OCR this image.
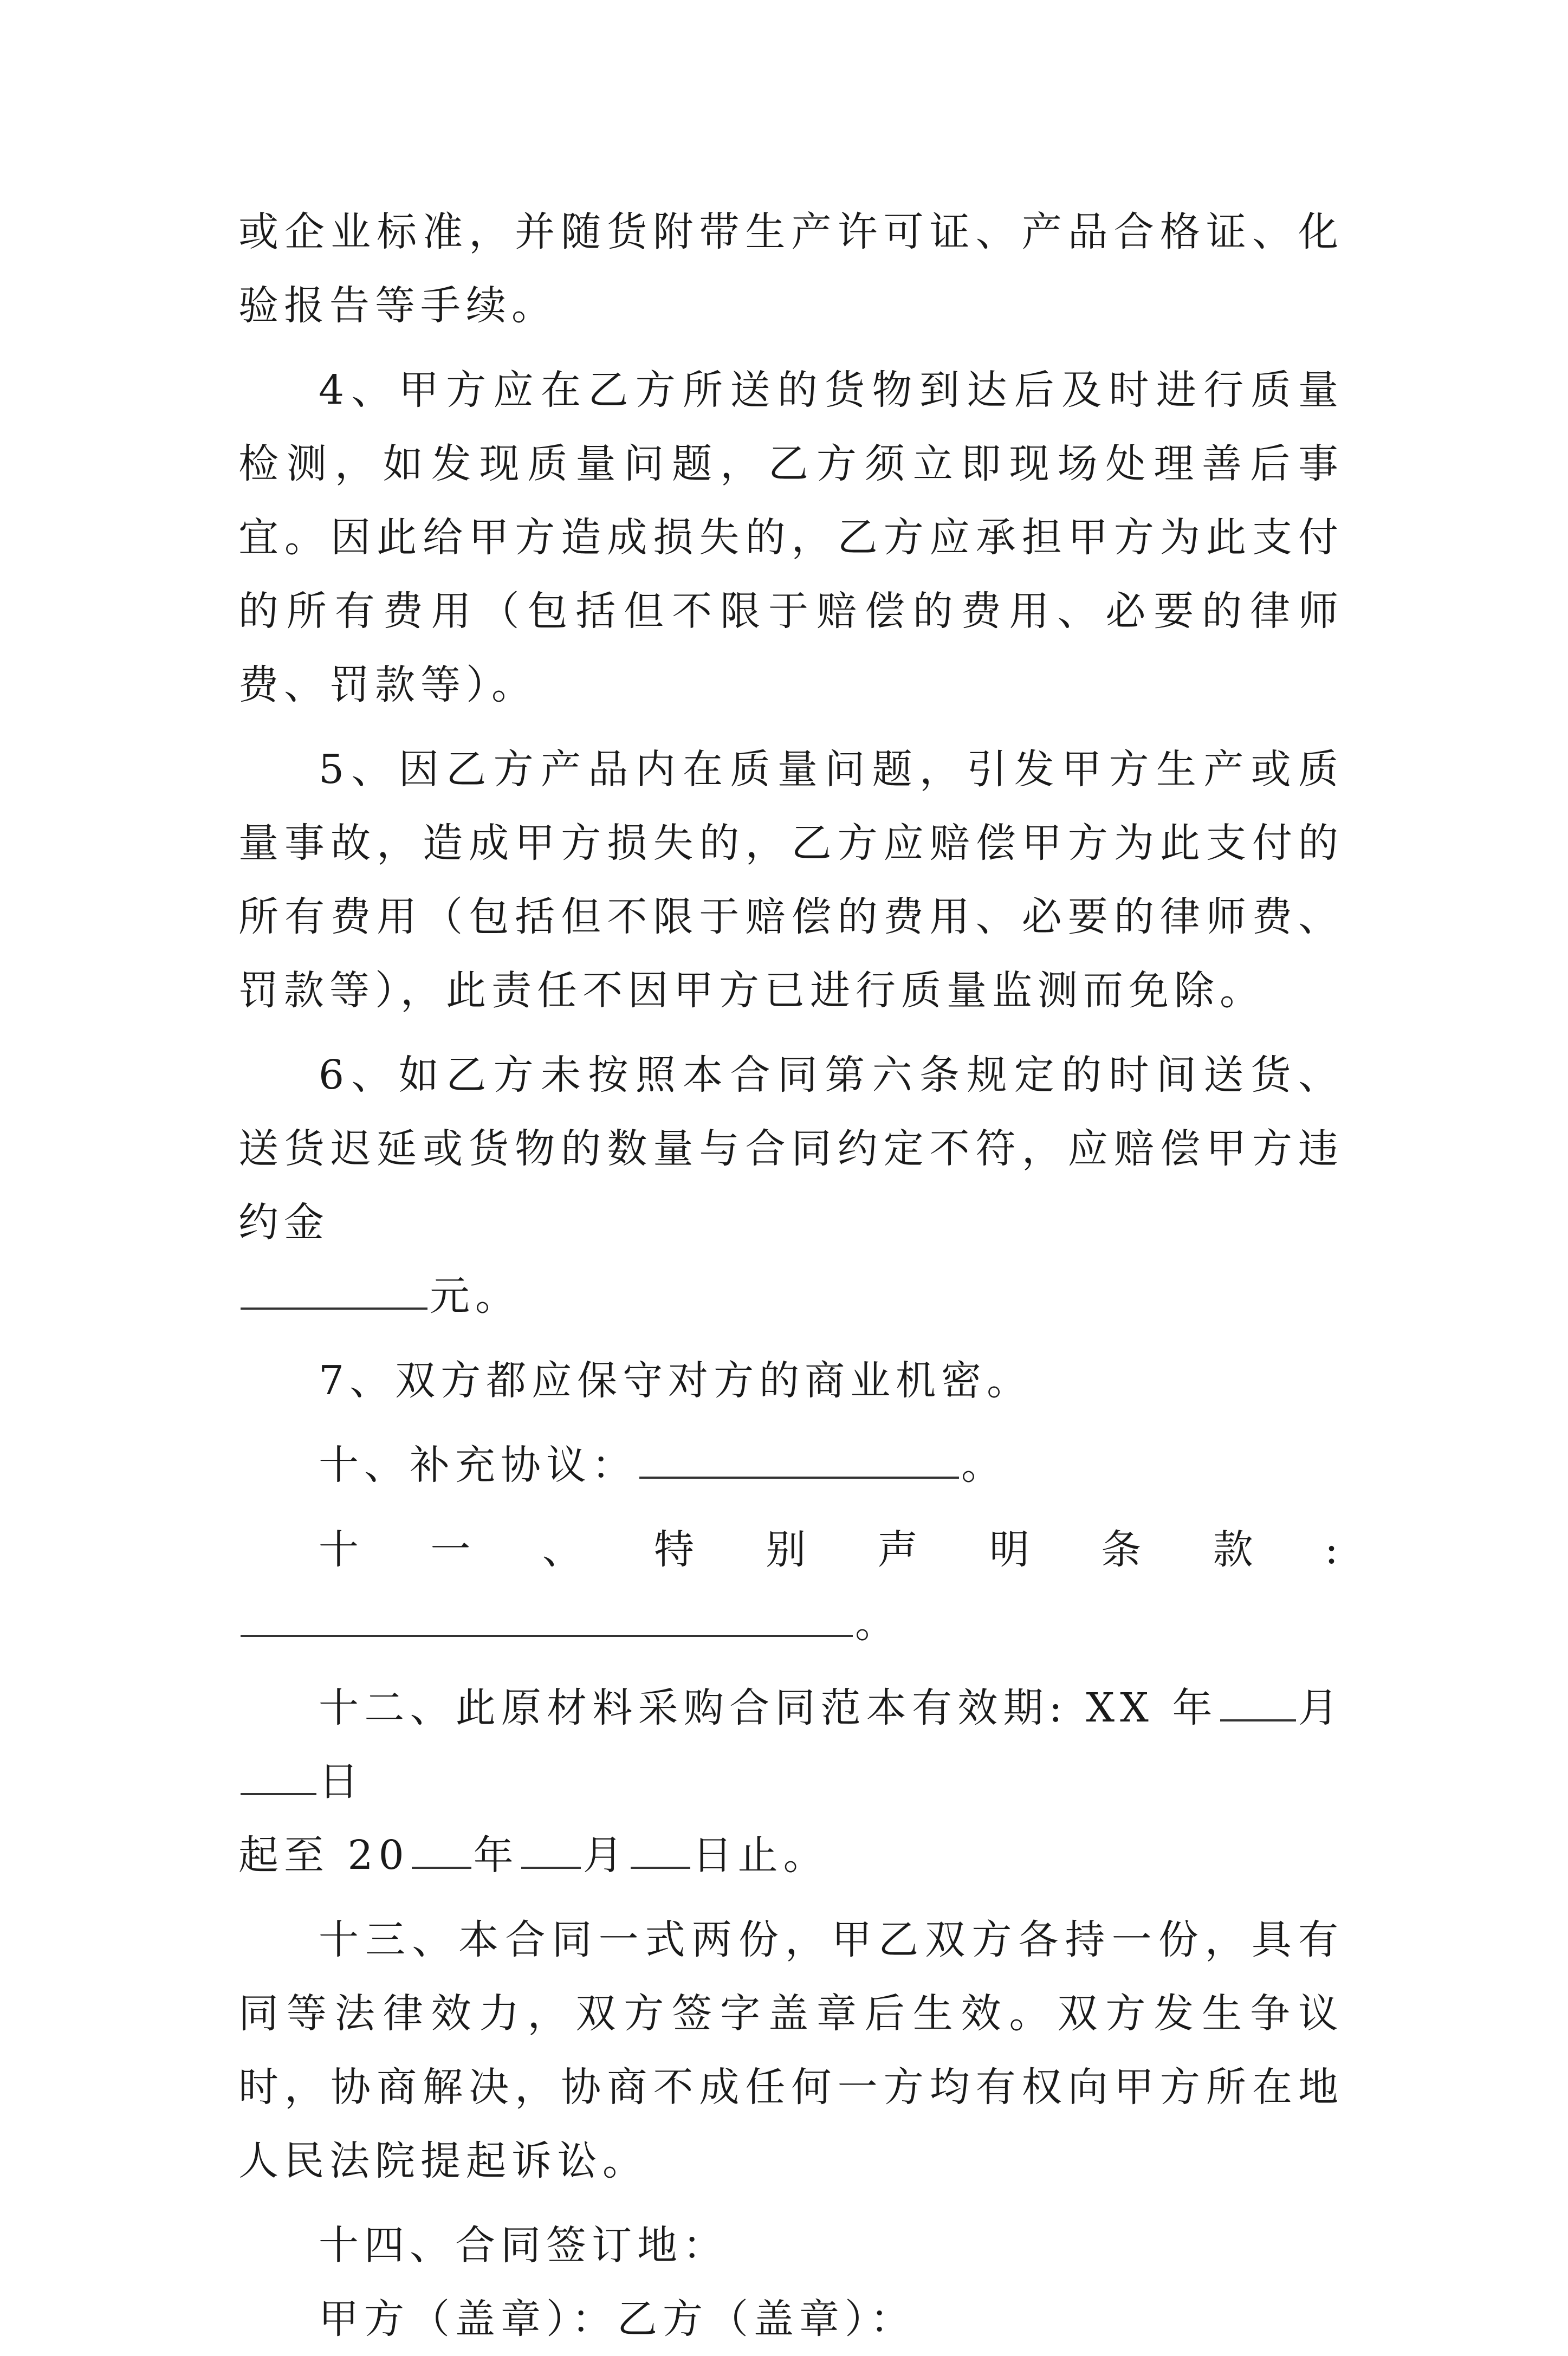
或企业标准，并随货附带生产许可证、产品合格证、化验报告等手续。

4、甲方应在乙方所送的货物到达后及时进行质量检测，如发现质量问题，乙方须立即现场处理善后事宜。因此给甲方造成损失的，乙方应承担甲方为此支付的所有费用（包括但不限于赔偿的费用、必要的律师费、罚款等）。

5、因乙方产品内在质量问题，引发甲方生产或质量事故，造成甲方损失的，乙方应赔偿甲方为此支付的所有费用（包括但不限于赔偿的费用、必要的律师费、罚款等），此责任不因甲方已进行质量监测而免除。

6、如乙方未按照本合同第六条规定的时间送货、送货迟延或货物的数量与合同约定不符，应赔偿甲方违约金
元。

7、双方都应保守对方的商业机密。

十、补充协议：	。

十一、特别声明条款:。

十二、此原材料采购合同范本有效期: XX 年 月日
起至 20 年 月 日止。

十三、本合同一式两份，甲乙双方各持一份，具有同等法律效力，双方签字盖章后生效。双方发生争议时，协商解决，协商不成任何一方均有权向甲方所在地人民法院提起诉讼。

十四、合同签订地：

甲方（盖章）：乙方（盖章）：
